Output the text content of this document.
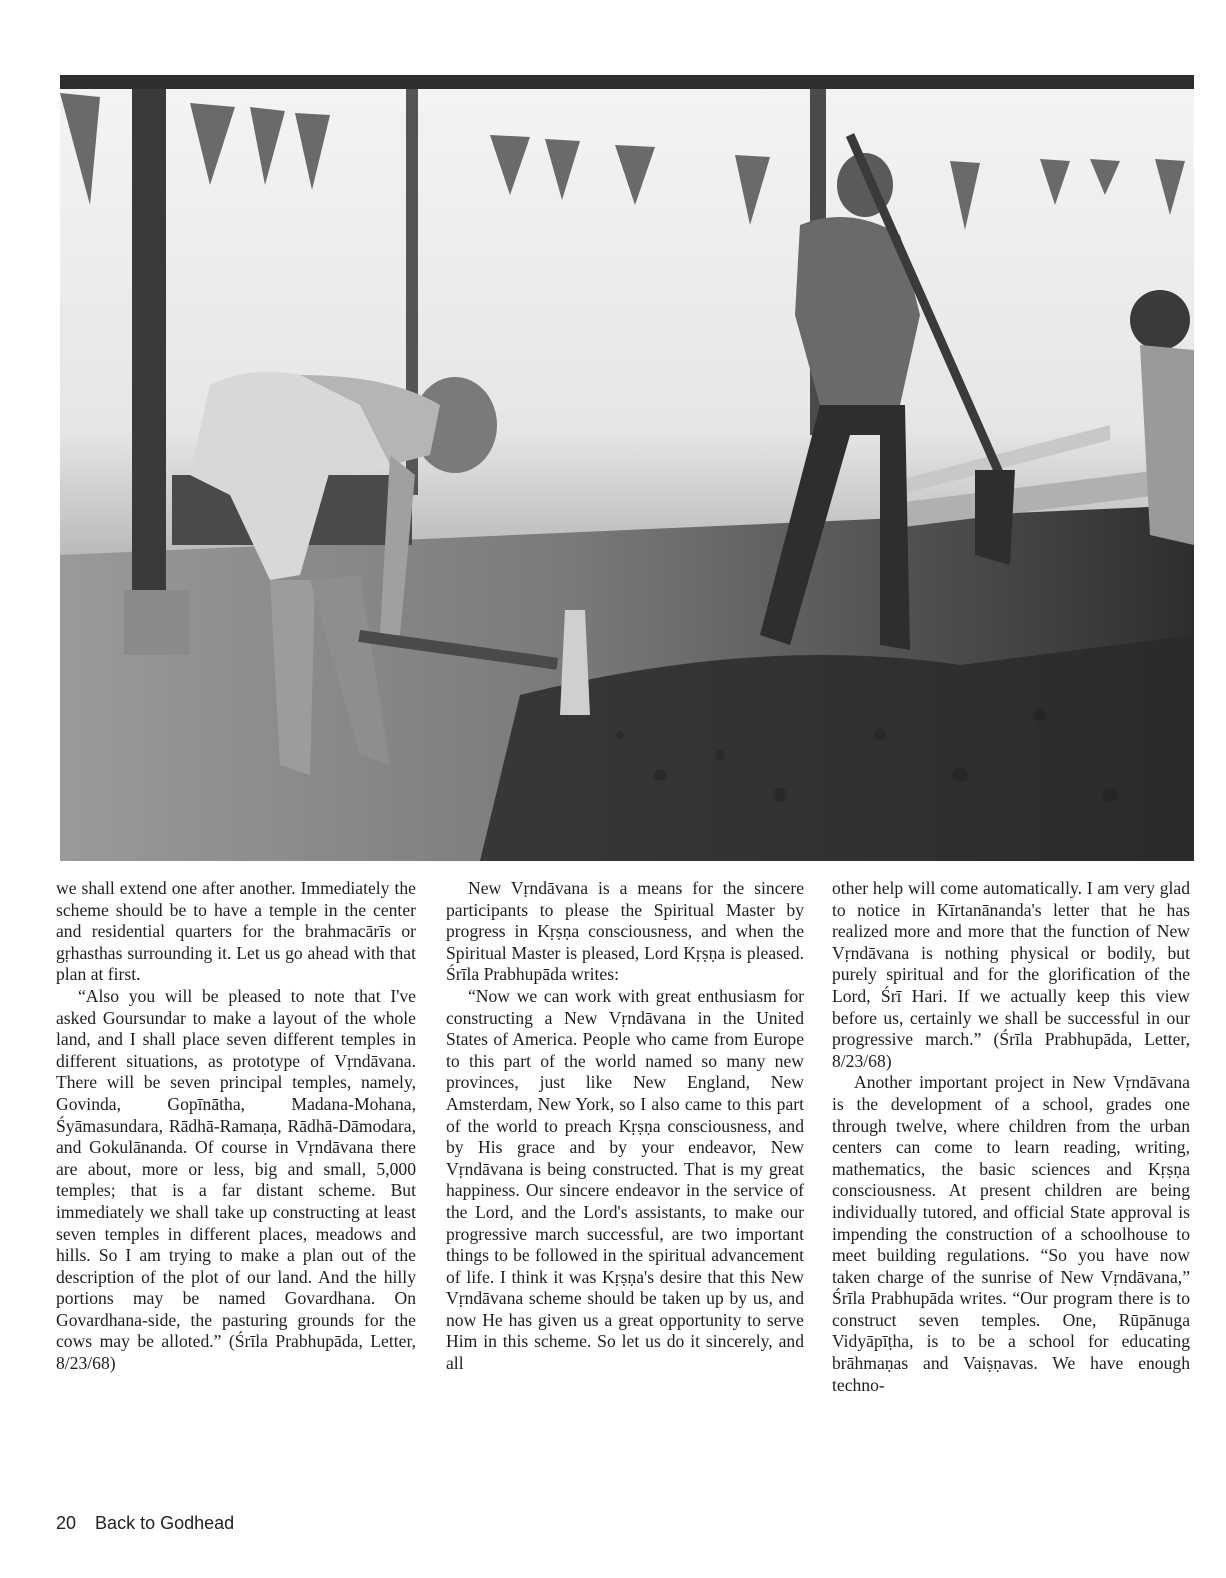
we shall extend one after another. Immediately the scheme should be to have a temple in the center and residential quarters for the brahmacārīs or gṛhasthas surrounding it. Let us go ahead with that plan at first.

“Also you will be pleased to note that I've asked Goursundar to make a layout of the whole land, and I shall place seven different temples in different situations, as prototype of Vṛndāvana. There will be seven principal temples, namely, Govinda, Gopīnātha, Madana-Mohana, Śyāmasundara, Rādhā-Ramaṇa, Rādhā-Dāmodara, and Gokulānanda. Of course in Vṛndāvana there are about, more or less, big and small, 5,000 temples; that is a far distant scheme. But immediately we shall take up constructing at least seven temples in different places, meadows and hills. So I am trying to make a plan out of the description of the plot of our land. And the hilly portions may be named Govardhana. On Govardhana-side, the pasturing grounds for the cows may be alloted.” (Śrīla Prabhupāda, Letter, 8/23/68)

New Vṛndāvana is a means for the sincere participants to please the Spiritual Master by progress in Kṛṣṇa consciousness, and when the Spiritual Master is pleased, Lord Kṛṣṇa is pleased. Śrīla Prabhupāda writes:

“Now we can work with great enthusiasm for constructing a New Vṛndāvana in the United States of America. People who came from Europe to this part of the world named so many new provinces, just like New England, New Amsterdam, New York, so I also came to this part of the world to preach Kṛṣṇa consciousness, and by His grace and by your endeavor, New Vṛndāvana is being constructed. That is my great happiness. Our sincere endeavor in the service of the Lord, and the Lord's assistants, to make our progressive march successful, are two important things to be followed in the spiritual advancement of life. I think it was Kṛṣṇa's desire that this New Vṛndāvana scheme should be taken up by us, and now He has given us a great opportunity to serve Him in this scheme. So let us do it sincerely, and all

other help will come automatically. I am very glad to notice in Kīrtanānanda's letter that he has realized more and more that the function of New Vṛndāvana is nothing physical or bodily, but purely spiritual and for the glorification of the Lord, Śrī Hari. If we actually keep this view before us, certainly we shall be successful in our progressive march.” (Śrīla Prabhupāda, Letter, 8/23/68)

Another important project in New Vṛndāvana is the development of a school, grades one through twelve, where children from the urban centers can come to learn reading, writing, mathematics, the basic sciences and Kṛṣṇa consciousness. At present children are being individually tutored, and official State approval is impending the construction of a schoolhouse to meet building regulations. “So you have now taken charge of the sunrise of New Vṛndāvana,” Śrīla Prabhupāda writes. “Our program there is to construct seven temples. One, Rūpānuga Vidyāpīṭha, is to be a school for educating brāhmaṇas and Vaiṣṇavas. We have enough techno-

20 Back to Godhead
